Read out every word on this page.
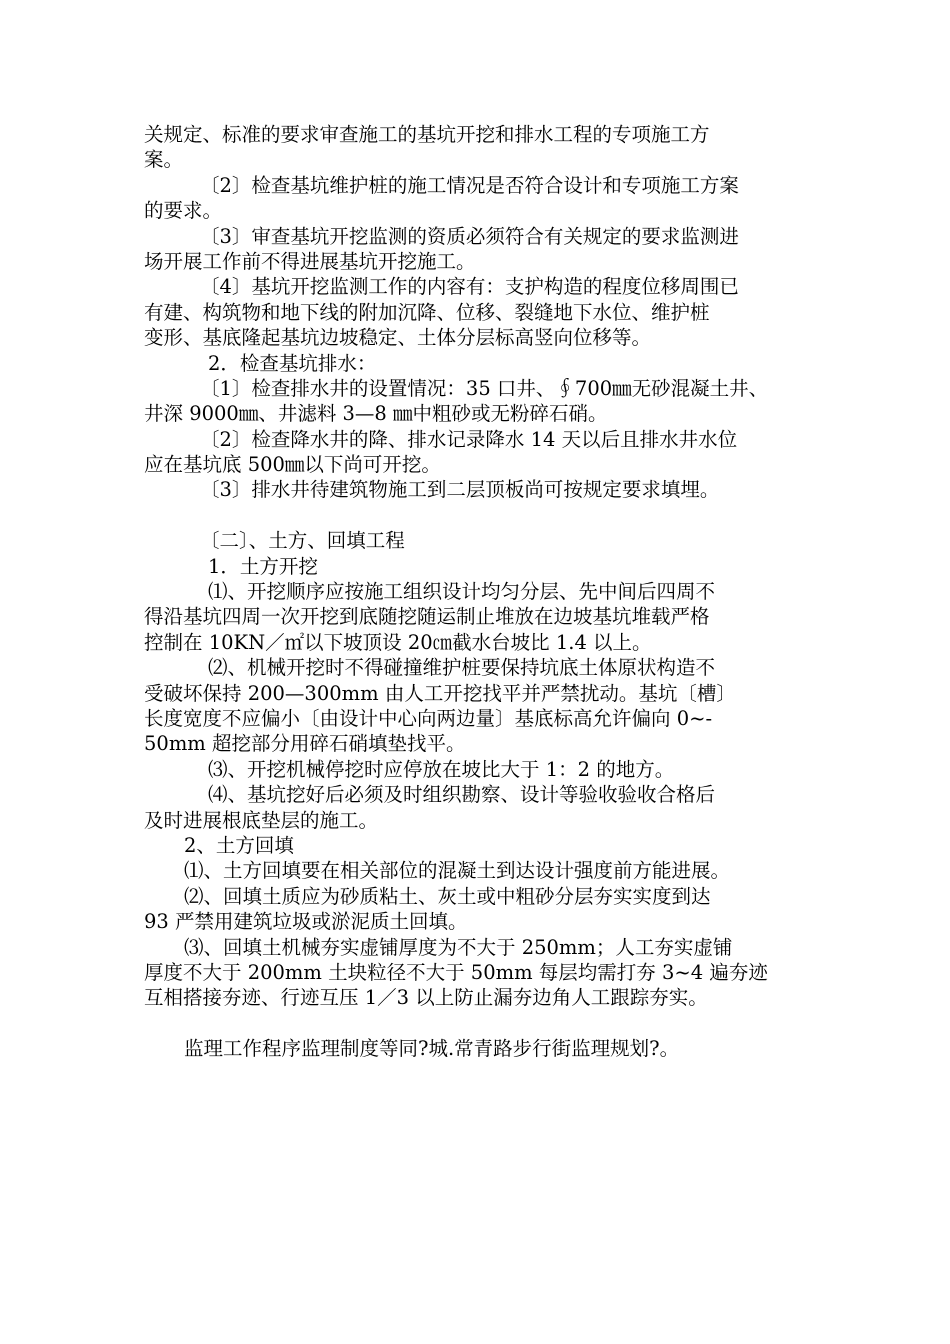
关规定、标准的要求审查施工的基坑开挖和排水工程的专项施工方
案。
〔2〕检查基坑维护桩的施工情况是否符合设计和专项施工方案
的要求。
〔3〕审查基坑开挖监测的资质必须符合有关规定的要求监测进
场开展工作前不得进展基坑开挖施工。
〔4〕基坑开挖监测工作的内容有：支护构造的程度位移周围已
有建、构筑物和地下线的附加沉降、位移、裂缝地下水位、维护桩
变形、基底隆起基坑边坡稳定、土体分层标高竖向位移等。
2．检查基坑排水：
〔1〕检查排水井的设置情况：35 口井、∮700㎜无砂混凝土井、
井深 9000㎜、井滤料 3—8 ㎜中粗砂或无粉碎石硝。
〔2〕检查降水井的降、排水记录降水 14 天以后且排水井水位
应在基坑底 500㎜以下尚可开挖。
〔3〕排水井待建筑物施工到二层顶板尚可按规定要求填埋。
〔二〕、土方、回填工程
1．土方开挖
⑴、开挖顺序应按施工组织设计均匀分层、先中间后四周不
得沿基坑四周一次开挖到底随挖随运制止堆放在边坡基坑堆载严格
控制在 10KN／㎡以下坡顶设 20㎝截水台坡比 1.4 以上。
⑵、机械开挖时不得碰撞维护桩要保持坑底土体原状构造不
受破坏保持 200—300mm 由人工开挖找平并严禁扰动。基坑〔槽〕
长度宽度不应偏小〔由设计中心向两边量〕基底标高允许偏向 0~-
50mm 超挖部分用碎石硝填垫找平。
⑶、开挖机械停挖时应停放在坡比大于 1：2 的地方。
⑷、基坑挖好后必须及时组织勘察、设计等验收验收合格后
及时进展根底垫层的施工。
2、土方回填
⑴、土方回填要在相关部位的混凝土到达设计强度前方能进展。
⑵、回填土质应为砂质粘土、灰土或中粗砂分层夯实实度到达
93 严禁用建筑垃圾或淤泥质土回填。
⑶、回填土机械夯实虚铺厚度为不大于 250mm；人工夯实虚铺
厚度不大于 200mm 土块粒径不大于 50mm 每层均需打夯 3~4 遍夯迹
互相搭接夯迹、行迹互压 1／3 以上防止漏夯边角人工跟踪夯实。
监理工作程序监理制度等同?城.常青路步行街监理规划?。
